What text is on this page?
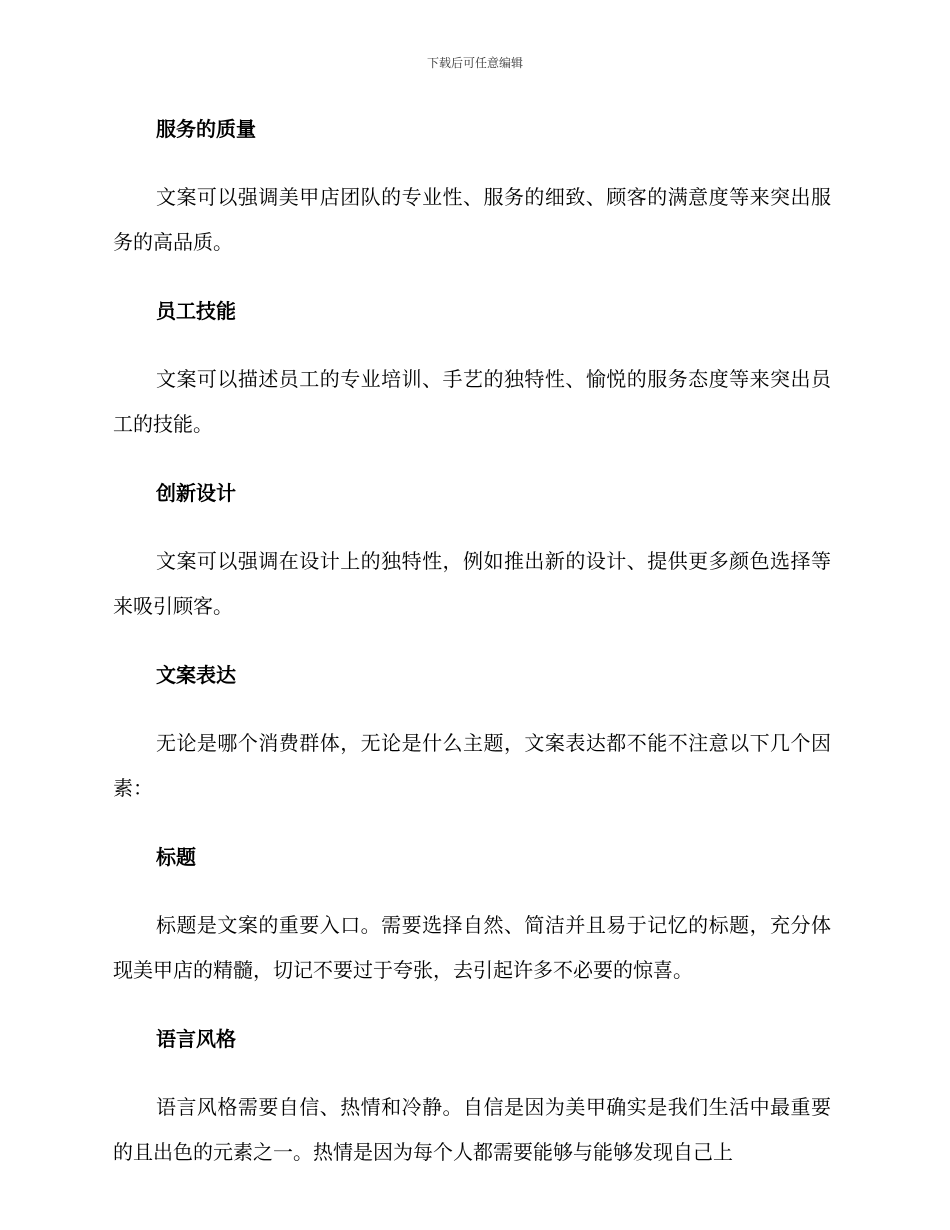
下载后可任意编辑

服务的质量

文案可以强调美甲店团队的专业性、服务的细致、顾客的满意度等来突出服务的高品质。

员工技能

文案可以描述员工的专业培训、手艺的独特性、愉悦的服务态度等来突出员工的技能。

创新设计

文案可以强调在设计上的独特性，例如推出新的设计、提供更多颜色选择等来吸引顾客。

文案表达

无论是哪个消费群体，无论是什么主题，文案表达都不能不注意以下几个因素：

标题

标题是文案的重要入口。需要选择自然、简洁并且易于记忆的标题，充分体现美甲店的精髓，切记不要过于夸张，去引起许多不必要的惊喜。

语言风格

语言风格需要自信、热情和冷静。自信是因为美甲确实是我们生活中最重要的且出色的元素之一。热情是因为每个人都需要能够与能够发现自己上
